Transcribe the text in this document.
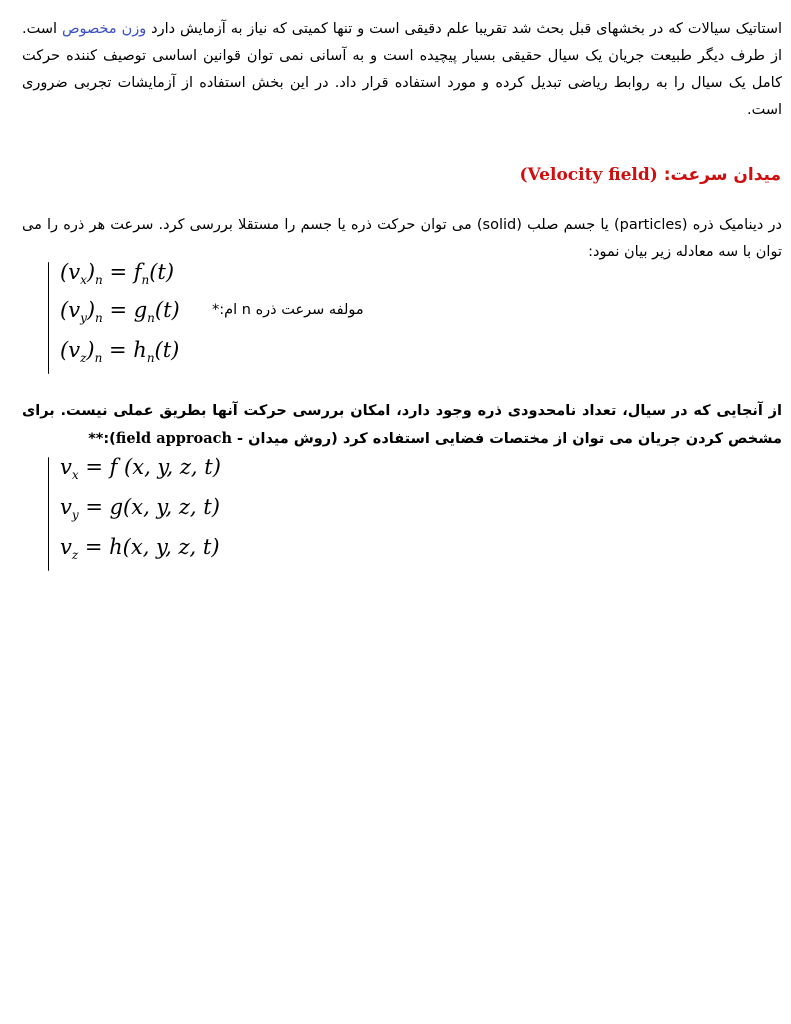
استاتیک سیالات که در بخشهای قبل بحث شد تقریبا علم دقیقی است و تنها کمیتی که نیاز به آزمایش دارد وزن مخصوص است. از طرف دیگر طبیعت جریان یک سیال حقیقی بسیار پیچیده است و به آسانی نمی توان قوانین اساسی توصیف کننده حرکت کامل یک سیال را به روابط ریاضی تبدیل کرده و مورد استفاده قرار داد. در این بخش استفاده از آزمایشات تجربی ضروری است.
میدان سرعت: (Velocity field)
در دینامیک ذره (particles) یا جسم صلب (solid) می توان حرکت ذره یا جسم را مستقلا بررسی کرد. سرعت هر ذره را می توان با سه معادله زیر بیان نمود:
$(v_x)_n = f_n(t)$
$(v_y)_n = g_n(t)$
$(v_z)_n = h_n(t)$
مولفه سرعت ذره n ام:*
از آنجایی که در سیال، تعداد نامحدودی ذره وجود دارد، امکان بررسی حرکت آنها بطریق عملی نیست. برای مشخص کردن جریان می توان از مختصات فضایی استفاده کرد (روش میدان - field approach):**
$v_x = f$ (x, y, z, t)
$v_y = g(x$, y, z, t)
$v_z = h(x$, y, z, t)
